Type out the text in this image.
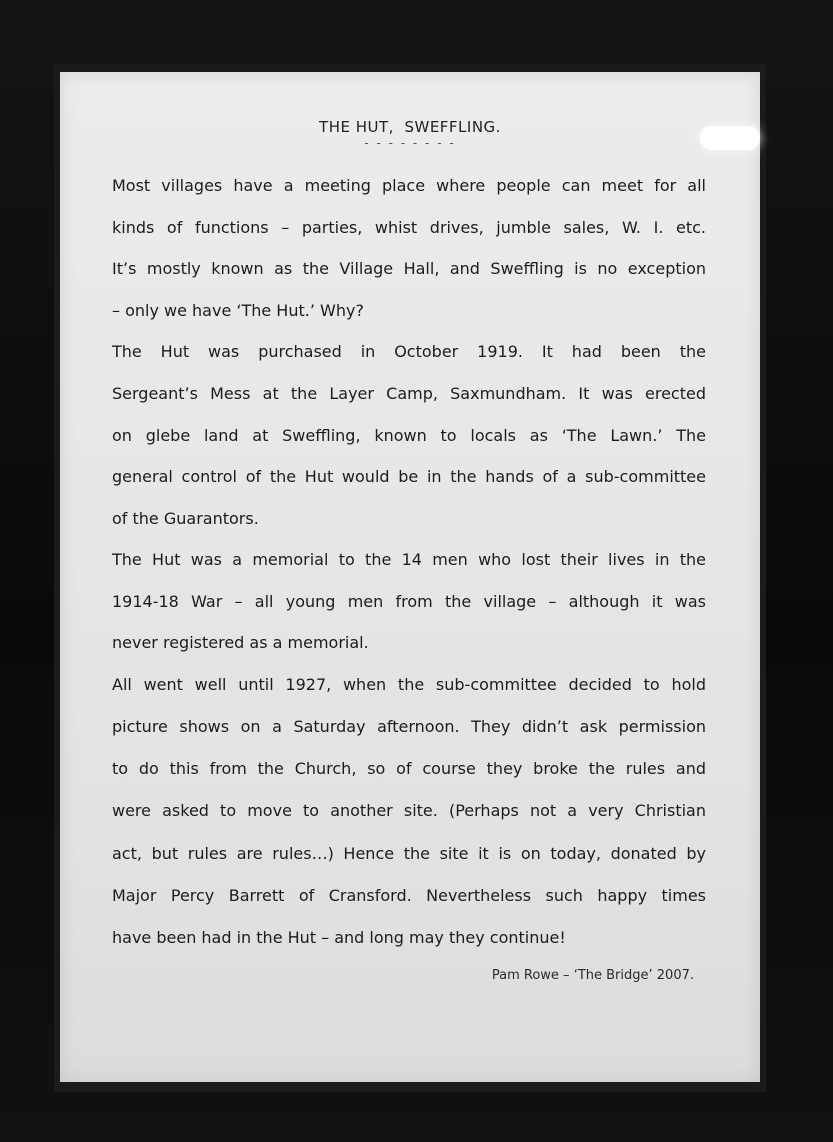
THE HUT,  SWEFFLING.
- - - - - - - -
Most villages have a meeting place where people can meet for all
kinds of functions – parties, whist drives, jumble sales, W. I. etc.
It’s mostly known as the Village Hall, and Sweffling is no exception
– only we have ‘The Hut.’ Why?
The Hut was purchased in October 1919. It had been the
Sergeant’s Mess at the Layer Camp, Saxmundham. It was erected
on glebe land at Sweffling, known to locals as ‘The Lawn.’ The
general control of the Hut would be in the hands of a sub-committee
of the Guarantors.
The Hut was a memorial to the 14 men who lost their lives in the
1914-18 War – all young men from the village – although it was
never registered as a memorial.
All went well until 1927, when the sub-committee decided to hold
picture shows on a Saturday afternoon. They didn’t ask permission
to do this from the Church, so of course they broke the rules and
were asked to move to another site. (Perhaps not a very Christian
act, but rules are rules…) Hence the site it is on today, donated by
Major Percy Barrett of Cransford. Nevertheless such happy times
have been had in the Hut – and long may they continue!
Pam Rowe – ‘The Bridge’ 2007.
